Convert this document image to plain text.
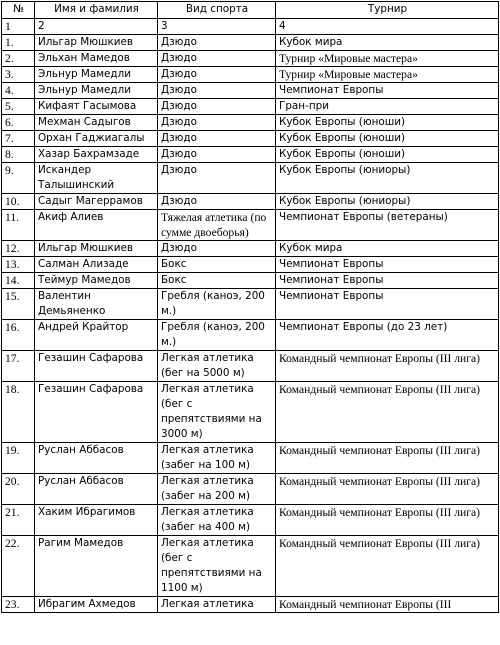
№	Имя и фамилия	Вид спорта	Турнир
1	2	3	4
1.	Ильгар Мюшкиев	Дзюдо	Кубок мира
2.	Эльхан Мамедов	Дзюдо	Турнир «Мировые мастера»
3.	Эльнур Мамедли	Дзюдо	Турнир «Мировые мастера»
4.	Эльнур Мамедли	Дзюдо	Чемпионат Европы
5.	Кифаят Гасымова	Дзюдо	Гран-при
6.	Мехман Садыгов	Дзюдо	Кубок Европы (юноши)
7.	Орхан Гаджиагалы	Дзюдо	Кубок Европы (юноши)
8.	Хазар Бахрамзаде	Дзюдо	Кубок Европы (юноши)
9.	Искандер Талышинский	Дзюдо	Кубок Европы (юниоры)
10.	Садыг Магеррамов	Дзюдо	Кубок Европы (юниоры)
11.	Акиф Алиев	Тяжелая атлетика (по сумме двоеборья)	Чемпионат Европы (ветераны)
12.	Ильгар Мюшкиев	Дзюдо	Кубок мира
13.	Салман Ализаде	Бокс	Чемпионат Европы
14.	Теймур Мамедов	Бокс	Чемпионат Европы
15.	Валентин Демьяненко	Гребля (каноэ, 200 м.)	Чемпионат Европы
16.	Андрей Крайтор	Гребля (каноэ, 200 м.)	Чемпионат Европы (до 23 лет)
17.	Гезашин Сафарова	Легкая атлетика (бег на 5000 м)	Командный чемпионат Европы (III лига)
18.	Гезашин Сафарова	Легкая атлетика (бег с препятствиями на 3000 м)	Командный чемпионат Европы (III лига)
19.	Руслан Аббасов	Легкая атлетика (забег на 100 м)	Командный чемпионат Европы (III лига)
20.	Руслан Аббасов	Легкая атлетика (забег на 200 м)	Командный чемпионат Европы (III лига)
21.	Хаким Ибрагимов	Легкая атлетика (забег на 400 м)	Командный чемпионат Европы (III лига)
22.	Рагим Мамедов	Легкая атлетика (бег с препятствиями на 1100 м)	Командный чемпионат Европы (III лига)
23.	Ибрагим Ахмедов	Легкая атлетика	Командный чемпионат Европы (III
